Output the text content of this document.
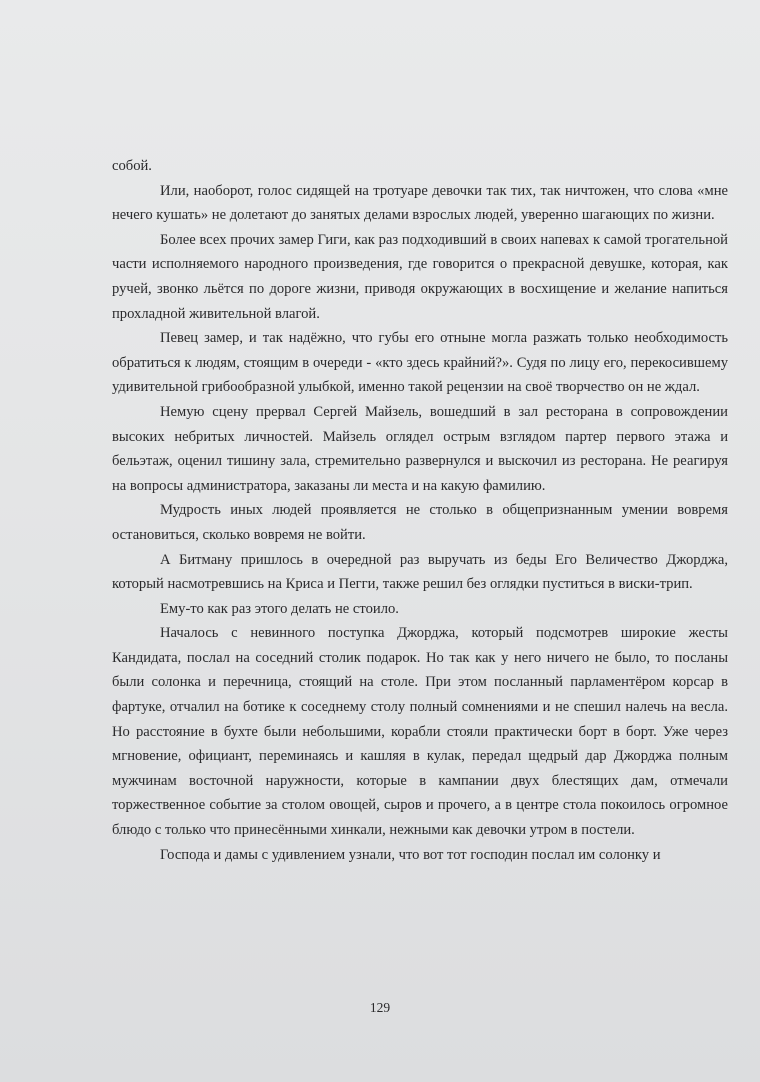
собой.

Или, наоборот, голос сидящей на тротуаре девочки так тих, так ничтожен, что слова «мне нечего кушать» не долетают до занятых делами взрослых людей, уверенно шагающих по жизни.

Более всех прочих замер Гиги, как раз подходивший в своих напевах к самой трогательной части исполняемого народного произведения, где говорится о прекрасной девушке, которая, как ручей, звонко льётся по дороге жизни, приводя окружающих в восхищение и желание напиться прохладной живительной влагой.

Певец замер, и так надёжно, что губы его отныне могла разжать только необходимость обратиться к людям, стоящим в очереди - «кто здесь крайний?». Судя по лицу его, перекосившему удивительной грибообразной улыбкой, именно такой рецензии на своё творчество он не ждал.

Немую сцену прервал Сергей Майзель, вошедший в зал ресторана в сопровождении высоких небритых личностей. Майзель оглядел острым взглядом партер первого этажа и бельэтаж, оценил тишину зала, стремительно развернулся и выскочил из ресторана. Не реагируя на вопросы администратора, заказаны ли места и на какую фамилию.

Мудрость иных людей проявляется не столько в общепризнанным умении вовремя остановиться, сколько вовремя не войти.

А Битману пришлось в очередной раз выручать из беды Его Величество Джорджа, который насмотревшись на Криса и Пегги, также решил без оглядки пуститься в виски-трип.

Ему-то как раз этого делать не стоило.

Началось с невинного поступка Джорджа, который подсмотрев широкие жесты Кандидата, послал на соседний столик подарок. Но так как у него ничего не было, то посланы были солонка и перечница, стоящий на столе. При этом посланный парламентёром корсар в фартуке, отчалил на ботике к соседнему столу полный сомнениями и не спешил налечь на весла. Но расстояние в бухте были небольшими, корабли стояли практически борт в борт. Уже через мгновение, официант, переминаясь и кашляя в кулак, передал щедрый дар Джорджа полным мужчинам восточной наружности, которые в кампании двух блестящих дам, отмечали торжественное событие за столом овощей, сыров и прочего, а в центре стола покоилось огромное блюдо с только что принесёнными хинкали, нежными как девочки утром в постели.

Господа и дамы с удивлением узнали, что вот тот господин послал им солонку и

129
